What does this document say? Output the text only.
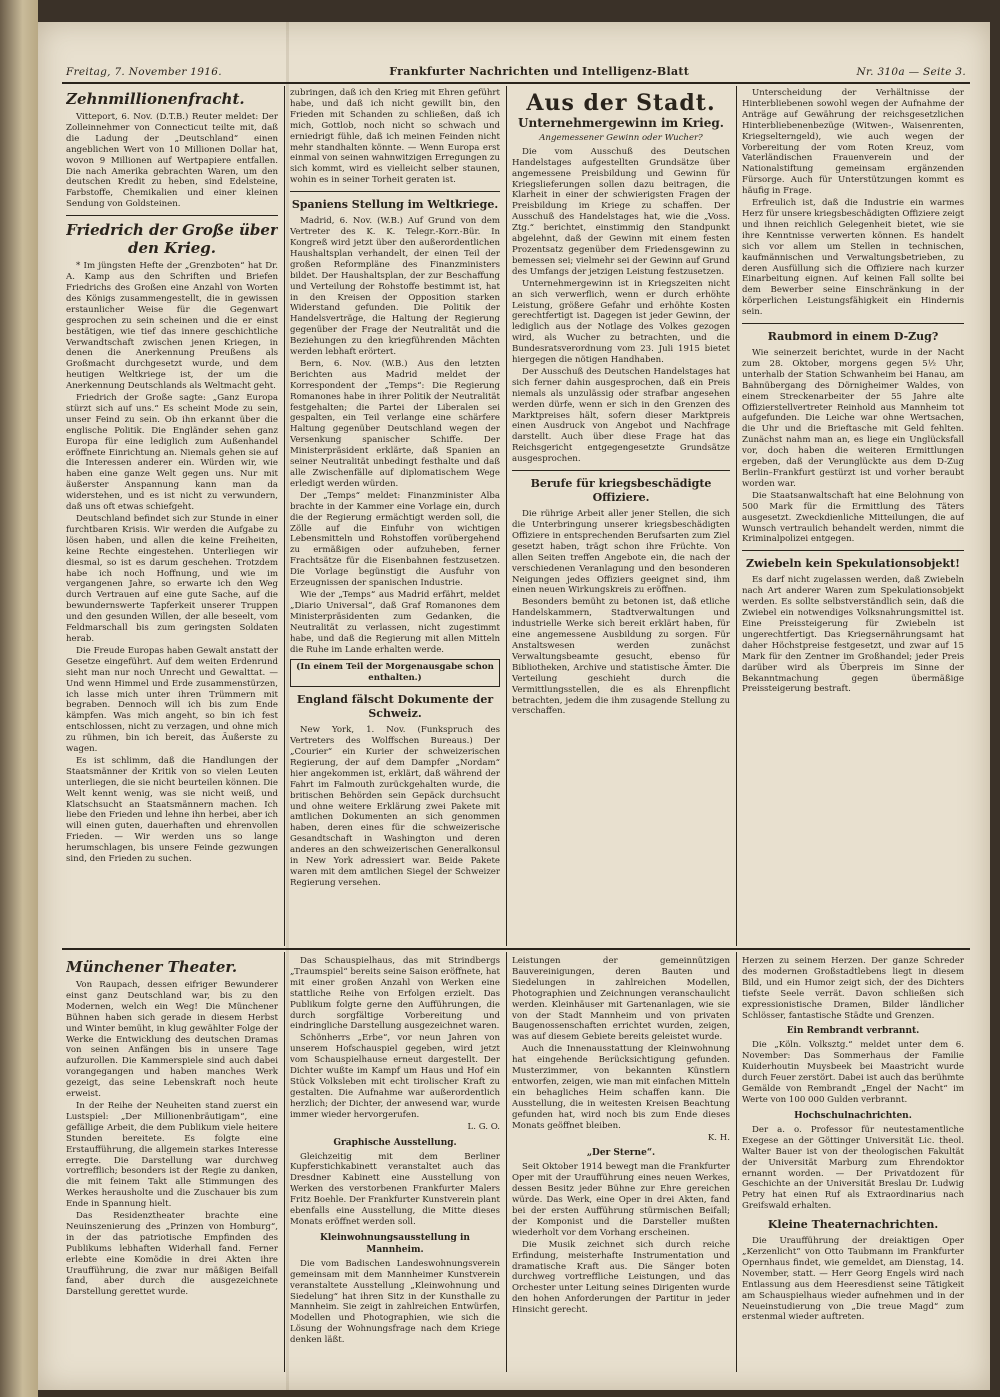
Freitag, 7. November 1916.	Frankfurter Nachrichten und Intelligenz-Blatt	Nr. 310a — Seite 3.
Zehnmillionenfracht.

Vitteport, 6. Nov. (D.T.B.) Reuter meldet: Der Zolleinnehmer von Connecticut teilte mit, daß die Ladung der „Deutschland“ einen angeblichen Wert von 10 Millionen Dollar hat, wovon 9 Millionen auf Wertpapiere entfallen. Die nach Amerika gebrachten Waren, um den deutschen Kredit zu heben, sind Edelsteine, Farbstoffe, Chemikalien und einer kleinen Sendung von Goldsteinen.

Friedrich der Große über den Krieg.

* Im jüngsten Hefte der „Grenzboten“ hat Dr. A. Kamp aus den Schriften und Briefen Friedrichs des Großen eine Anzahl von Worten des Königs zusammengestellt, die in gewissen erstaunlicher Weise für die Gegenwart gesprochen zu sein scheinen und die er einst bestätigen, wie tief das innere geschichtliche Verwandtschaft zwischen jenen Kriegen, in denen die Anerkennung Preußens als Großmacht durchgesetzt wurde, und dem heutigen Weltkriege ist, der um die Anerkennung Deutschlands als Weltmacht geht.

Friedrich der Große sagte: „Ganz Europa stürzt sich auf uns.“ Es scheint Mode zu sein, unser Feind zu sein. Ob ihn erkannt über die englische Politik. Die Engländer sehen ganz Europa für eine lediglich zum Außenhandel eröffnete Einrichtung an. Niemals gehen sie auf die Interessen anderer ein. Würden wir, wie haben eine ganze Welt gegen uns. Nur mit äußerster Anspannung kann man da widerstehen, und es ist nicht zu verwundern, daß uns oft etwas schiefgeht.

Deutschland befindet sich zur Stunde in einer furchtbaren Krisis. Wir werden die Aufgabe zu lösen haben, und allen die keine Freiheiten, keine Rechte eingestehen. Unterliegen wir diesmal, so ist es darum geschehen. Trotzdem habe ich noch Hoffnung, und wie im vergangenen Jahre, so erwarte ich den Weg durch Vertrauen auf eine gute Sache, auf die bewundernswerte Tapferkeit unserer Truppen und den gesunden Willen, der alle beseelt, vom Feldmarschall bis zum geringsten Soldaten herab.

Die Freude Europas haben Gewalt anstatt der Gesetze eingeführt. Auf dem weiten Erdenrund sieht man nur noch Unrecht und Gewalttat. — Und wenn Himmel und Erde zusammenstürzen, ich lasse mich unter ihren Trümmern mit begraben. Dennoch will ich bis zum Ende kämpfen. Was mich angeht, so bin ich fest entschlossen, nicht zu verzagen, und ohne mich zu rühmen, bin ich bereit, das Äußerste zu wagen.

Es ist schlimm, daß die Handlungen der Staatsmänner der Kritik von so vielen Leuten unterliegen, die sie nicht beurteilen können. Die Welt kennt wenig, was sie nicht weiß, und Klatschsucht an Staatsmännern machen. Ich liebe den Frieden und lehne ihn herbei, aber ich will einen guten, dauerhaften und ehrenvollen Frieden. — Wir werden uns so lange herumschlagen, bis unsere Feinde gezwungen sind, den Frieden zu suchen.

zubringen, daß ich den Krieg mit Ehren geführt habe, und daß ich nicht gewillt bin, den Frieden mit Schanden zu schließen, daß ich mich, Gottlob, noch nicht so schwach und erniedrigt fühle, daß ich meinen Feinden nicht mehr standhalten könnte. — Wenn Europa erst einmal von seinen wahnwitzigen Erregungen zu sich kommt, wird es vielleicht selber staunen, wohin es in seiner Torheit geraten ist.

Spaniens Stellung im Weltkriege.

Madrid, 6. Nov. (W.B.) Auf Grund von dem Vertreter des K. K. Telegr.-Korr.-Bür. In Kongreß wird jetzt über den außerordentlichen Haushaltsplan verhandelt, der einen Teil der großen Reformpläne des Finanzministers bildet. Der Haushaltsplan, der zur Beschaffung und Verteilung der Rohstoffe bestimmt ist, hat in den Kreisen der Opposition starken Widerstand gefunden. Die Politik der Handelsverträge, die Haltung der Regierung gegenüber der Frage der Neutralität und die Beziehungen zu den kriegführenden Mächten werden lebhaft erörtert.

Bern, 6. Nov. (W.B.) Aus den letzten Berichten aus Madrid meldet der Korrespondent der „Temps“: Die Regierung Romanones habe in ihrer Politik der Neutralität festgehalten; die Partei der Liberalen sei gespalten, ein Teil verlange eine schärfere Haltung gegenüber Deutschland wegen der Versenkung spanischer Schiffe. Der Ministerpräsident erklärte, daß Spanien an seiner Neutralität unbedingt festhalte und daß alle Zwischenfälle auf diplomatischem Wege erledigt werden würden.

Der „Temps“ meldet: Finanzminister Alba brachte in der Kammer eine Vorlage ein, durch die der Regierung ermächtigt werden soll, die Zölle auf die Einfuhr von wichtigen Lebensmitteln und Rohstoffen vorübergehend zu ermäßigen oder aufzuheben, ferner Frachtsätze für die Eisenbahnen festzusetzen. Die Vorlage begünstigt die Ausfuhr von Erzeugnissen der spanischen Industrie.

Wie der „Temps“ aus Madrid erfährt, meldet „Diario Universal“, daß Graf Romanones dem Ministerpräsidenten zum Gedanken, die Neutralität zu verlassen, nicht zugestimmt habe, und daß die Regierung mit allen Mitteln die Ruhe im Lande erhalten werde.

(In einem Teil der Morgenausgabe schon enthalten.)
England fälscht Dokumente der Schweiz.

New York, 1. Nov. (Funkspruch des Vertreters des Wolffschen Bureaus.) Der „Courier“ ein Kurier der schweizerischen Regierung, der auf dem Dampfer „Nordam“ hier angekommen ist, erklärt, daß während der Fahrt im Falmouth zurückgehalten wurde, die britischen Behörden sein Gepäck durchsucht und ohne weitere Erklärung zwei Pakete mit amtlichen Dokumenten an sich genommen haben, deren eines für die schweizerische Gesandtschaft in Washington und deren anderes an den schweizerischen Generalkonsul in New York adressiert war. Beide Pakete waren mit dem amtlichen Siegel der Schweizer Regierung versehen.

Aus der Stadt.
Unternehmergewinn im Krieg.
Angemessener Gewinn oder Wucher?

Die vom Ausschuß des Deutschen Handelstages aufgestellten Grundsätze über angemessene Preisbildung und Gewinn für Kriegslieferungen sollen dazu beitragen, die Klarheit in einer der schwierigsten Fragen der Preisbildung im Kriege zu schaffen. Der Ausschuß des Handelstages hat, wie die „Voss. Ztg.“ berichtet, einstimmig den Standpunkt abgelehnt, daß der Gewinn mit einem festen Prozentsatz gegenüber dem Friedensgewinn zu bemessen sei; vielmehr sei der Gewinn auf Grund des Umfangs der jetzigen Leistung festzusetzen.

Unternehmergewinn ist in Kriegszeiten nicht an sich verwerflich, wenn er durch erhöhte Leistung, größere Gefahr und erhöhte Kosten gerechtfertigt ist. Dagegen ist jeder Gewinn, der lediglich aus der Notlage des Volkes gezogen wird, als Wucher zu betrachten, und die Bundesratsverordnung vom 23. Juli 1915 bietet hiergegen die nötigen Handhaben.

Der Ausschuß des Deutschen Handelstages hat sich ferner dahin ausgesprochen, daß ein Preis niemals als unzulässig oder strafbar angesehen werden dürfe, wenn er sich in den Grenzen des Marktpreises hält, sofern dieser Marktpreis einen Ausdruck von Angebot und Nachfrage darstellt. Auch über diese Frage hat das Reichsgericht entgegengesetzte Grundsätze ausgesprochen.

Berufe für kriegsbeschädigte Offiziere.

Die rührige Arbeit aller jener Stellen, die sich die Unterbringung unserer kriegsbeschädigten Offiziere in entsprechenden Berufsarten zum Ziel gesetzt haben, trägt schon ihre Früchte. Von allen Seiten treffen Angebote ein, die nach der verschiedenen Veranlagung und den besonderen Neigungen jedes Offiziers geeignet sind, ihm einen neuen Wirkungskreis zu eröffnen.

Besonders bemüht zu betonen ist, daß etliche Handelskammern, Stadtverwaltungen und industrielle Werke sich bereit erklärt haben, für eine angemessene Ausbildung zu sorgen. Für Anstaltswesen werden zunächst Verwaltungsbeamte gesucht, ebenso für Bibliotheken, Archive und statistische Ämter. Die Verteilung geschieht durch die Vermittlungsstellen, die es als Ehrenpflicht betrachten, jedem die ihm zusagende Stellung zu verschaffen.

Unterscheidung der Verhältnisse der Hinterbliebenen sowohl wegen der Aufnahme der Anträge auf Gewährung der reichsgesetzlichen Hinterbliebenenbezüge (Witwen-, Waisenrenten, Kriegselterngeld), wie auch wegen der Vorbereitung der vom Roten Kreuz, vom Vaterländischen Frauenverein und der Nationalstiftung gemeinsam ergänzenden Fürsorge. Auch für Unterstützungen kommt es häufig in Frage.

Erfreulich ist, daß die Industrie ein warmes Herz für unsere kriegsbeschädigten Offiziere zeigt und ihnen reichlich Gelegenheit bietet, wie sie ihre Kenntnisse verwerten können. Es handelt sich vor allem um Stellen in technischen, kaufmännischen und Verwaltungsbetrieben, zu deren Ausfüllung sich die Offiziere nach kurzer Einarbeitung eignen. Auf keinen Fall sollte bei dem Bewerber seine Einschränkung in der körperlichen Leistungsfähigkeit ein Hindernis sein.

Raubmord in einem D-Zug?

Wie seinerzeit berichtet, wurde in der Nacht zum 28. Oktober, morgens gegen 5½ Uhr, unterhalb der Station Schwanheim bei Hanau, am Bahnübergang des Dörnigheimer Waldes, von einem Streckenarbeiter der 55 Jahre alte Offizierstellvertreter Reinhold aus Mannheim tot aufgefunden. Die Leiche war ohne Wertsachen, die Uhr und die Brieftasche mit Geld fehlten. Zunächst nahm man an, es liege ein Unglücksfall vor, doch haben die weiteren Ermittlungen ergeben, daß der Verunglückte aus dem D-Zug Berlin–Frankfurt gestürzt ist und vorher beraubt worden war.

Die Staatsanwaltschaft hat eine Belohnung von 500 Mark für die Ermittlung des Täters ausgesetzt. Zweckdienliche Mitteilungen, die auf Wunsch vertraulich behandelt werden, nimmt die Kriminalpolizei entgegen.

Zwiebeln kein Spekulationsobjekt!

Es darf nicht zugelassen werden, daß Zwiebeln nach Art anderer Waren zum Spekulationsobjekt werden. Es sollte selbstverständlich sein, daß die Zwiebel ein notwendiges Volksnahrungsmittel ist. Eine Preissteigerung für Zwiebeln ist ungerechtfertigt. Das Kriegsernährungsamt hat daher Höchstpreise festgesetzt, und zwar auf 15 Mark für den Zentner im Großhandel; jeder Preis darüber wird als Überpreis im Sinne der Bekanntmachung gegen übermäßige Preissteigerung bestraft.

Münchener Theater.

Von Raupach, dessen eifriger Bewunderer einst ganz Deutschland war, bis zu den Modernen, welch ein Weg! Die Münchener Bühnen haben sich gerade in diesem Herbst und Winter bemüht, in klug gewählter Folge der Werke die Entwicklung des deutschen Dramas von seinen Anfängen bis in unsere Tage aufzurollen. Die Kammerspiele sind auch dabei vorangegangen und haben manches Werk gezeigt, das seine Lebenskraft noch heute erweist.

In der Reihe der Neuheiten stand zuerst ein Lustspiel: „Der Millionenbräutigam“, eine gefällige Arbeit, die dem Publikum viele heitere Stunden bereitete. Es folgte eine Erstaufführung, die allgemein starkes Interesse erregte. Die Darstellung war durchweg vortrefflich; besonders ist der Regie zu danken, die mit feinem Takt alle Stimmungen des Werkes herausholte und die Zuschauer bis zum Ende in Spannung hielt.

Das Residenztheater brachte eine Neuinszenierung des „Prinzen von Homburg“, in der das patriotische Empfinden des Publikums lebhaften Widerhall fand. Ferner erlebte eine Komödie in drei Akten ihre Uraufführung, die zwar nur mäßigen Beifall fand, aber durch die ausgezeichnete Darstellung gerettet wurde.

Das Schauspielhaus, das mit Strindbergs „Traumspiel“ bereits seine Saison eröffnete, hat mit einer großen Anzahl von Werken eine stattliche Reihe von Erfolgen erzielt. Das Publikum folgte gerne den Aufführungen, die durch sorgfältige Vorbereitung und eindringliche Darstellung ausgezeichnet waren.

Schönherrs „Erbe“, vor neun Jahren von unserem Hofschauspiel gegeben, wird jetzt vom Schauspielhause erneut dargestellt. Der Dichter wußte im Kampf um Haus und Hof ein Stück Volksleben mit echt tirolischer Kraft zu gestalten. Die Aufnahme war außerordentlich herzlich; der Dichter, der anwesend war, wurde immer wieder hervorgerufen.

L. G. O.
Graphische Ausstellung.

Gleichzeitig mit dem Berliner Kupferstichkabinett veranstaltet auch das Dresdner Kabinett eine Ausstellung von Werken des verstorbenen Frankfurter Malers Fritz Boehle. Der Frankfurter Kunstverein plant ebenfalls eine Ausstellung, die Mitte dieses Monats eröffnet werden soll.

Kleinwohnungsausstellung in Mannheim.

Die vom Badischen Landeswohnungsverein gemeinsam mit dem Mannheimer Kunstverein veranstaltete Ausstellung „Kleinwohnung und Siedelung“ hat ihren Sitz in der Kunsthalle zu Mannheim. Sie zeigt in zahlreichen Entwürfen, Modellen und Photographien, wie sich die Lösung der Wohnungsfrage nach dem Kriege denken läßt.

Leistungen der gemeinnützigen Bauvereinigungen, deren Bauten und Siedelungen in zahlreichen Modellen, Photographien und Zeichnungen veranschaulicht werden. Kleinhäuser mit Gartenanlagen, wie sie von der Stadt Mannheim und von privaten Baugenossenschaften errichtet wurden, zeigen, was auf diesem Gebiete bereits geleistet wurde.

Auch die Innenausstattung der Kleinwohnung hat eingehende Berücksichtigung gefunden. Musterzimmer, von bekannten Künstlern entworfen, zeigen, wie man mit einfachen Mitteln ein behagliches Heim schaffen kann. Die Ausstellung, die in weitesten Kreisen Beachtung gefunden hat, wird noch bis zum Ende dieses Monats geöffnet bleiben.

K. H.
„Der Sterne“.

Seit Oktober 1914 bewegt man die Frankfurter Oper mit der Uraufführung eines neuen Werkes, dessen Besitz jeder Bühne zur Ehre gereichen würde. Das Werk, eine Oper in drei Akten, fand bei der ersten Aufführung stürmischen Beifall; der Komponist und die Darsteller mußten wiederholt vor dem Vorhang erscheinen.

Die Musik zeichnet sich durch reiche Erfindung, meisterhafte Instrumentation und dramatische Kraft aus. Die Sänger boten durchweg vortreffliche Leistungen, und das Orchester unter Leitung seines Dirigenten wurde den hohen Anforderungen der Partitur in jeder Hinsicht gerecht.

Herzen zu seinem Herzen. Der ganze Schreder des modernen Großstadtlebens liegt in diesem Bild, und ein Humor zeigt sich, der des Dichters tiefste Seele verrät. Davon schließen sich expressionistische Dramen, Bilder ländlicher Schlösser, fantastische Städte und Grenzen.

Ein Rembrandt verbrannt.

Die „Köln. Volksztg.“ meldet unter dem 6. November: Das Sommerhaus der Familie Kuiderhoutin Muysbeek bei Maastricht wurde durch Feuer zerstört. Dabei ist auch das berühmte Gemälde von Rembrandt „Engel der Nacht“ im Werte von 100 000 Gulden verbrannt.

Hochschulnachrichten.

Der a. o. Professor für neutestamentliche Exegese an der Göttinger Universität Lic. theol. Walter Bauer ist von der theologischen Fakultät der Universität Marburg zum Ehrendoktor ernannt worden. — Der Privatdozent für Geschichte an der Universität Breslau Dr. Ludwig Petry hat einen Ruf als Extraordinarius nach Greifswald erhalten.

Kleine Theaternachrichten.

Die Uraufführung der dreiaktigen Oper „Kerzenlicht“ von Otto Taubmann im Frankfurter Opernhaus findet, wie gemeldet, am Dienstag, 14. November, statt. — Herr Georg Engels wird nach Entlassung aus dem Heeresdienst seine Tätigkeit am Schauspielhaus wieder aufnehmen und in der Neueinstudierung von „Die treue Magd“ zum erstenmal wieder auftreten.
